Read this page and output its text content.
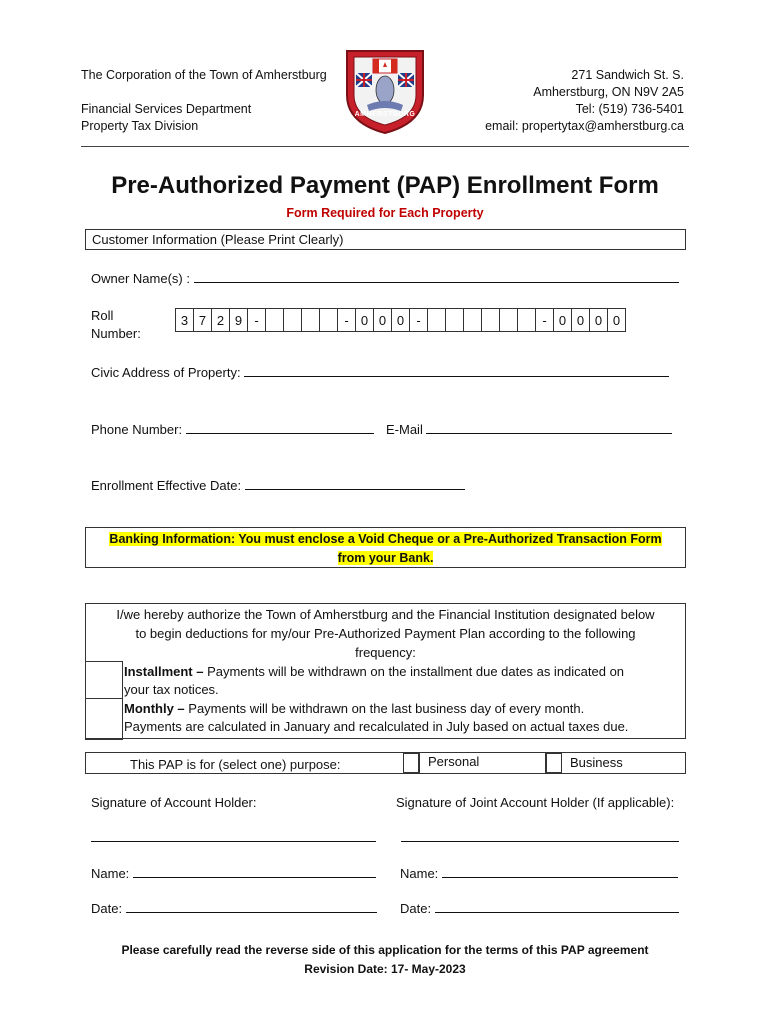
The Corporation of the Town of Amherstburg
Financial Services Department
Property Tax Division
AMHERSTBURG
271 Sandwich St. S.
Amherstburg, ON N9V 2A5
Tel: (519) 736-5401
email: propertytax@amherstburg.ca
Pre-Authorized Payment (PAP) Enrollment Form
Form Required for Each Property
Customer Information (Please Print Clearly)
Owner Name(s) :
Roll
Number:
3	7	2	9	-					-	0	0	0	-							-	0	0	0	0
Civic Address of Property:
Phone Number:	E-Mail
Enrollment Effective Date:
Banking Information: You must enclose a Void Cheque or a Pre-Authorized Transaction Form
from your Bank.
I/we hereby authorize the Town of Amherstburg and the Financial Institution designated below
to begin deductions for my/our Pre-Authorized Payment Plan according to the following
frequency:
Installment – Payments will be withdrawn on the installment due dates as indicated on
your tax notices.
Monthly – Payments will be withdrawn on the last business day of every month.
Payments are calculated in January and recalculated in July based on actual taxes due.
This PAP is for (select one) purpose:	Personal	Business
Signature of Account Holder:	Signature of Joint Account Holder (If applicable):
Name:	Name:
Date:	Date:
Please carefully read the reverse side of this application for the terms of this PAP agreement
Revision Date: 17- May-2023
